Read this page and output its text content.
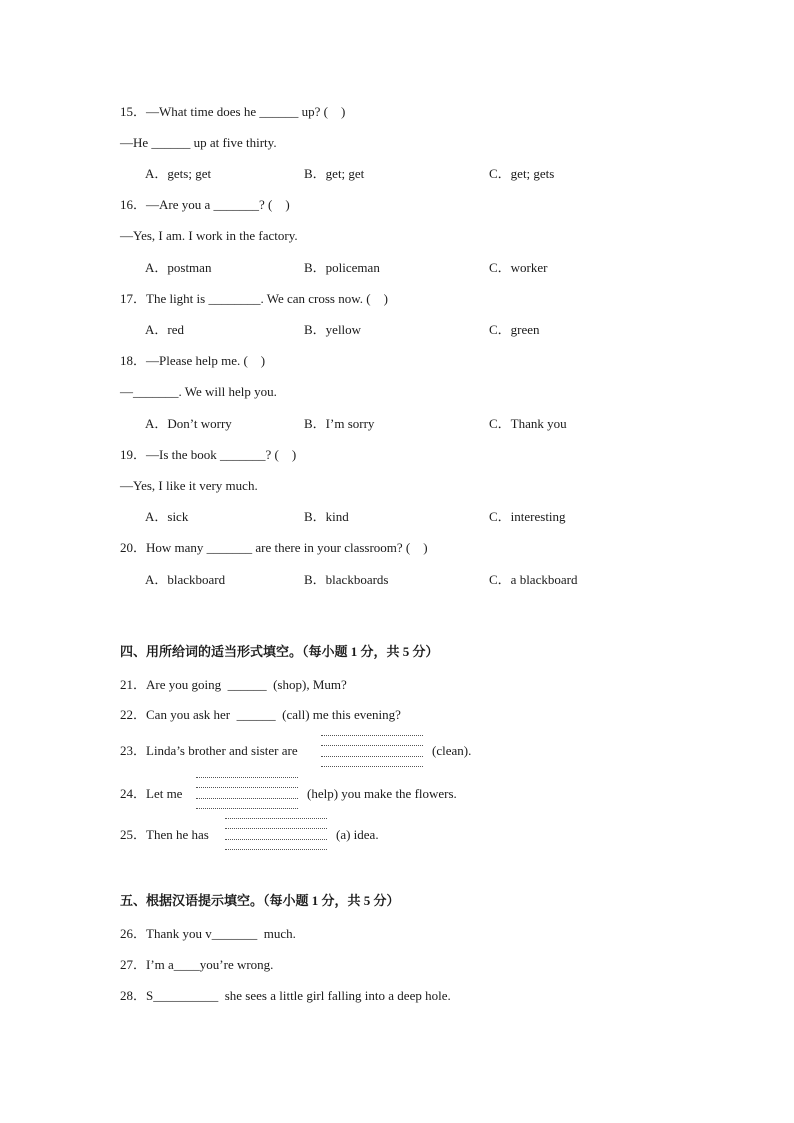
15．—What time does he ______ up? (    )
—He ______ up at five thirty.
A．gets; get	B．get; get	C．get; gets
16．—Are you a _______? (    )
—Yes, I am. I work in the factory.
A．postman	B．policeman	C．worker
17．The light is ________. We can cross now. (    )
A．red	B．yellow	C．green
18．—Please help me. (    )
—_______. We will help you.
A．Don’t worry	B．I’m sorry	C．Thank you
19．—Is the book _______? (    )
—Yes, I like it very much.
A．sick	B．kind	C．interesting
20．How many _______ are there in your classroom? (    )
A．blackboard	B．blackboards	C．a blackboard
四、用所给词的适当形式填空。（每小题 1 分，共 5 分）
21．Are you going  ______  (shop), Mum?
22．Can you ask her  ______  (call) me this evening?
23．Linda’s brother and sister are	(clean).
24．Let me	(help) you make the flowers.
25．Then he has	(a) idea.
五、根据汉语提示填空。（每小题 1 分，共 5 分）
26．Thank you v_______  much.
27．I’m a____you’re wrong.
28．S__________  she sees a little girl falling into a deep hole.
